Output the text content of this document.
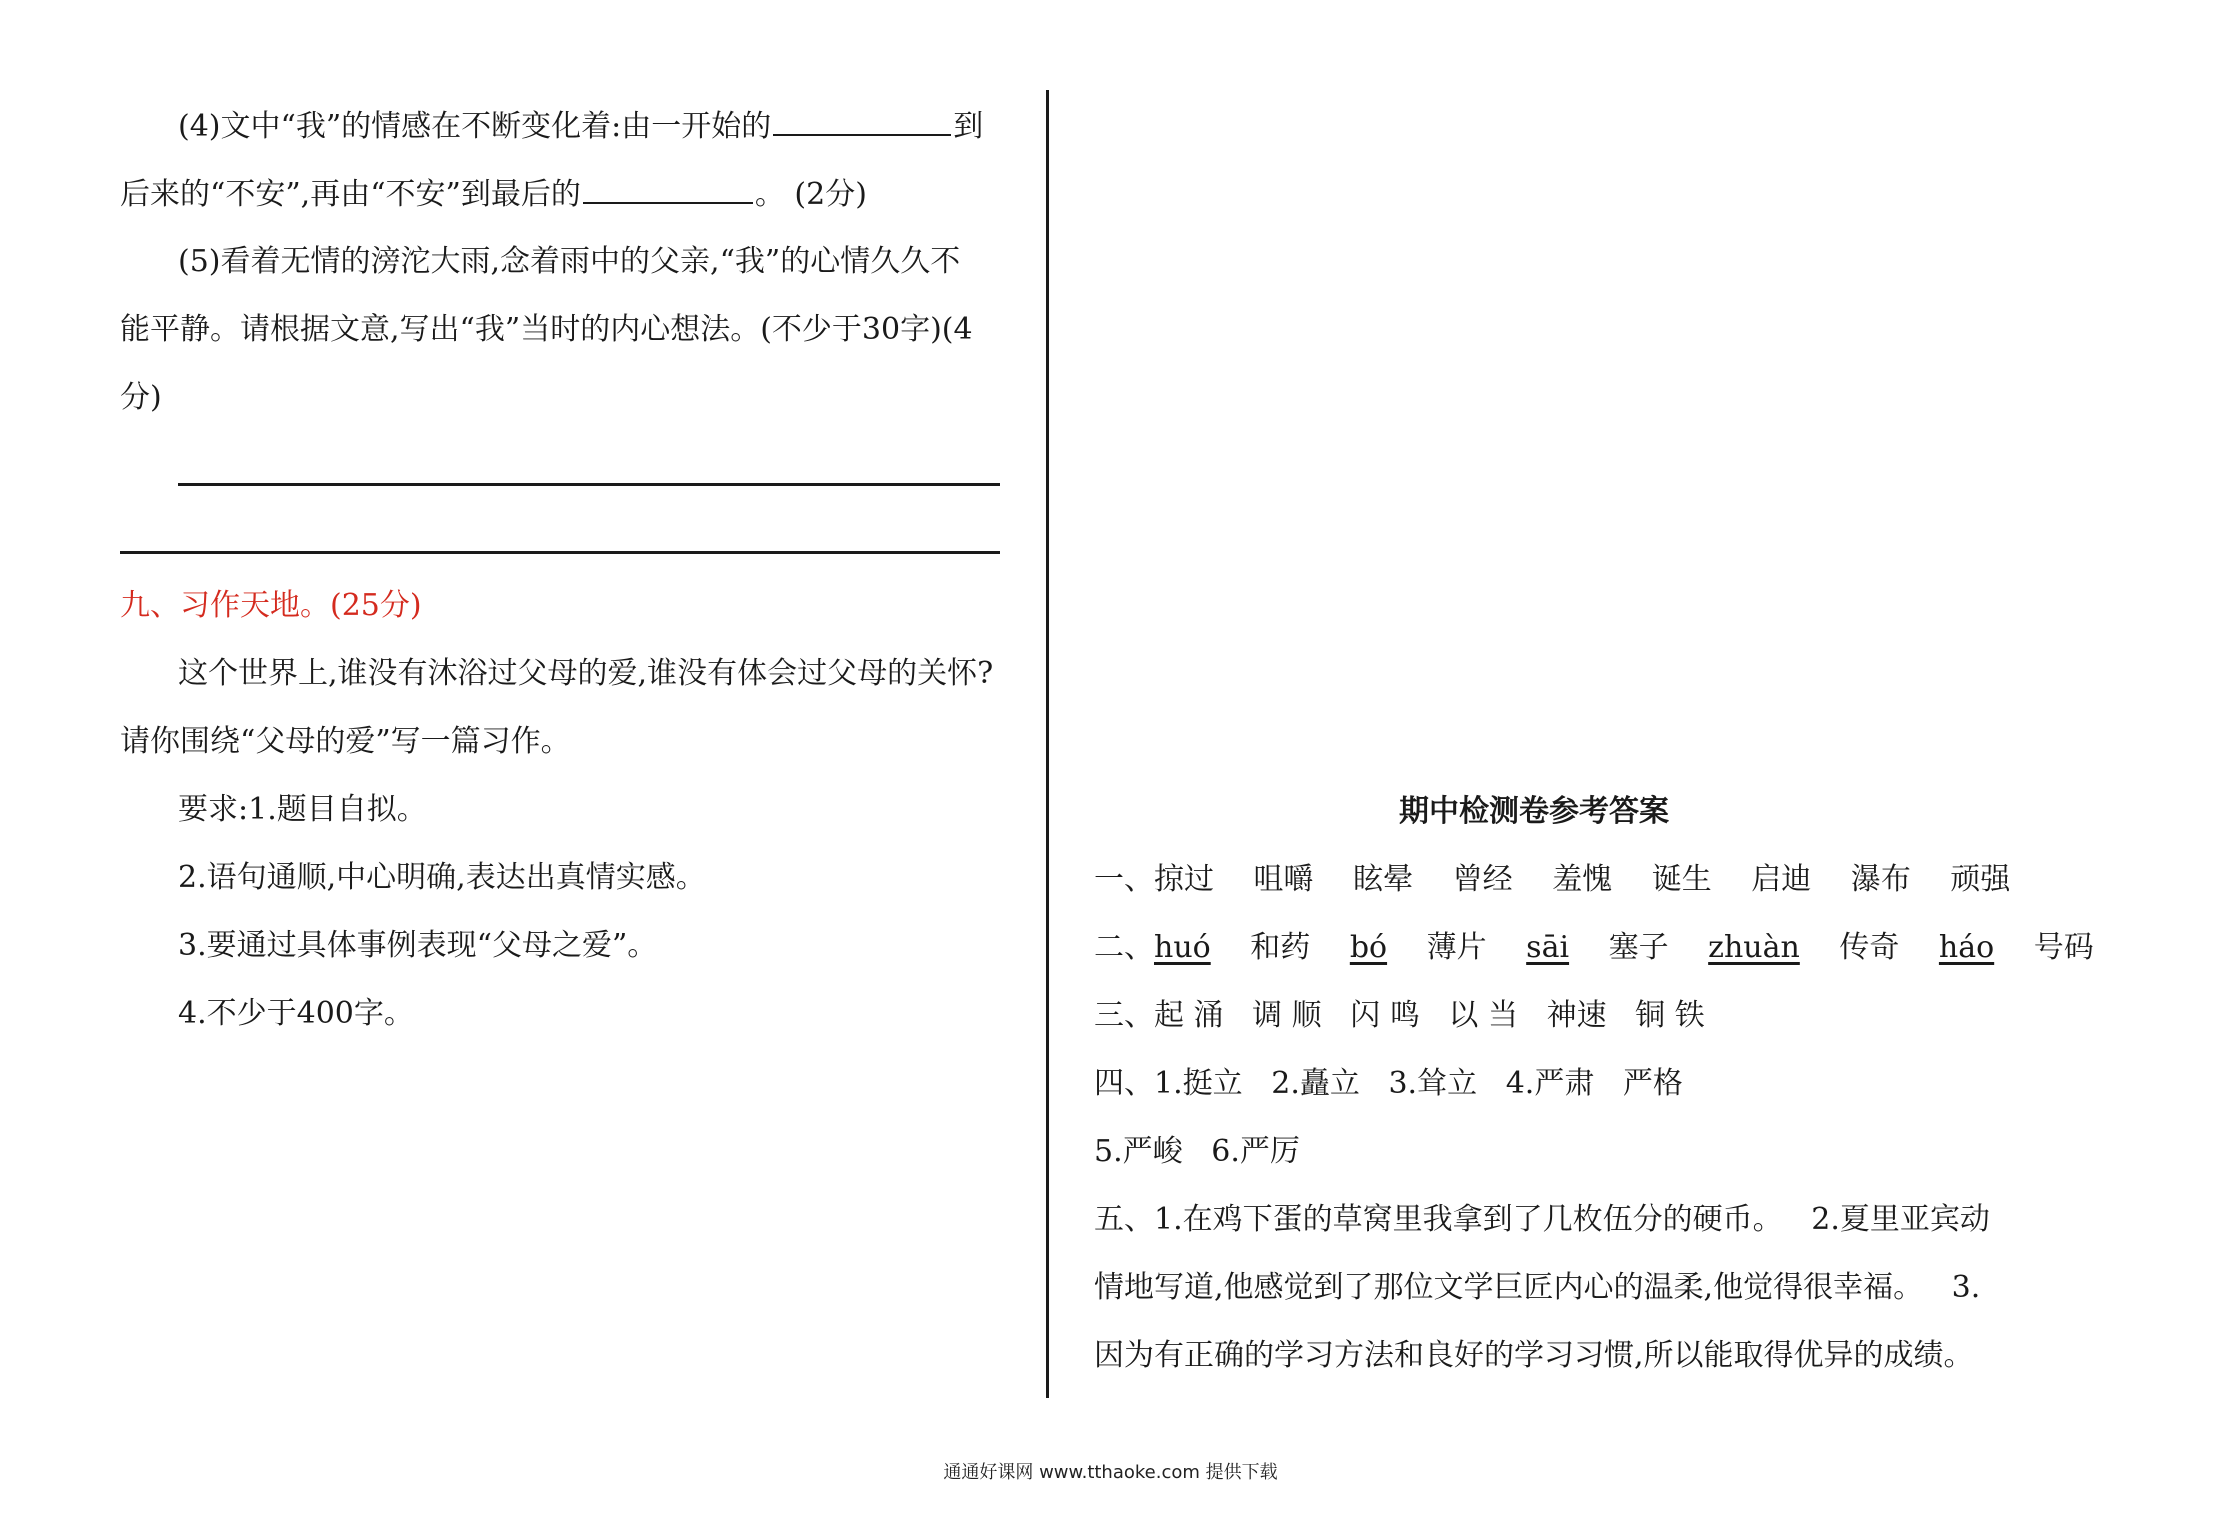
(4)文中“我”的情感在不断变化着:由一开始的	到
后来的“不安”,再由“不安”到最后的	。 (2分)
(5)看着无情的滂沱大雨,念着雨中的父亲,“我”的心情久久不
能平静。请根据文意,写出“我”当时的内心想法。(不少于30字)(4
分)
九、习作天地。(25分)
这个世界上,谁没有沐浴过父母的爱,谁没有体会过父母的关怀?
请你围绕“父母的爱”写一篇习作。
要求:1.题目自拟。
2.语句通顺,中心明确,表达出真情实感。
3.要通过具体事例表现“父母之爱”。
4.不少于400字。
期中检测卷参考答案
一、掠过 咀嚼 眩晕 曾经 羞愧 诞生 启迪 瀑布 顽强
二、huó 和药 bó 薄片 sāi 塞子 zhuàn 传奇 háo 号码
三、起 涌   调 顺   闪 鸣   以 当   神速   铜 铁
四、1.挺立   2.矗立   3.耸立   4.严肃   严格
5.严峻   6.严厉
五、1.在鸡下蛋的草窝里我拿到了几枚伍分的硬币。   2.夏里亚宾动
情地写道,他感觉到了那位文学巨匠内心的温柔,他觉得很幸福。   3.
因为有正确的学习方法和良好的学习习惯,所以能取得优异的成绩。
通通好课网 www.tthaoke.com 提供下载
